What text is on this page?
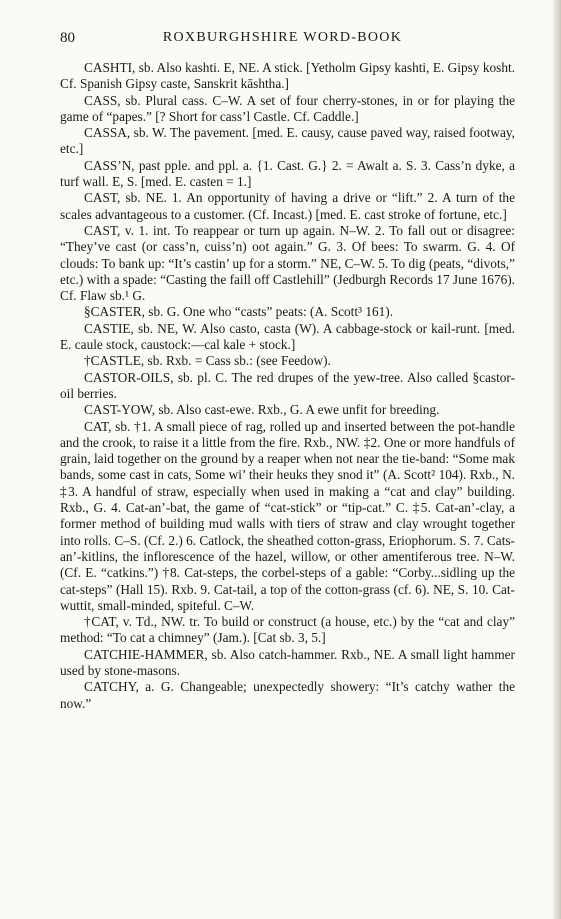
80	ROXBURGHSHIRE WORD-BOOK

CASHTI, sb. Also kashti. E, NE. A stick. [Yetholm Gipsy kashti, E. Gipsy kosht. Cf. Spanish Gipsy caste, Sanskrit kāshtha.]

CASS, sb. Plural cass. C–W. A set of four cherry-stones, in or for playing the game of “papes.” [? Short for cass’l Castle. Cf. Caddle.]

CASSA, sb. W. The pavement. [med. E. causy, cause paved way, raised footway, etc.]

CASS’N, past pple. and ppl. a. {1. Cast. G.} 2. = Awalt a. S. 3. Cass’n dyke, a turf wall. E, S. [med. E. casten = 1.]

CAST, sb. NE. 1. An opportunity of having a drive or “lift.” 2. A turn of the scales advantageous to a customer. (Cf. Incast.) [med. E. cast stroke of fortune, etc.]

CAST, v. 1. int. To reappear or turn up again. N–W. 2. To fall out or disagree: “They’ve cast (or cass’n, cuiss’n) oot again.” G. 3. Of bees: To swarm. G. 4. Of clouds: To bank up: “It’s castin’ up for a storm.” NE, C–W. 5. To dig (peats, “divots,” etc.) with a spade: “Casting the faill off Castlehill” (Jedburgh Records 17 June 1676). Cf. Flaw sb.¹ G.

§CASTER, sb. G. One who “casts” peats: (A. Scott³ 161).

CASTIE, sb. NE, W. Also casto, casta (W). A cabbage-stock or kail-runt. [med. E. caule stock, caustock:—cal kale + stock.]

†CASTLE, sb. Rxb. = Cass sb.: (see Feedow).

CASTOR-OILS, sb. pl. C. The red drupes of the yew-tree. Also called §castor-oil berries.

CAST-YOW, sb. Also cast-ewe. Rxb., G. A ewe unfit for breeding.

CAT, sb. †1. A small piece of rag, rolled up and inserted between the pot-handle and the crook, to raise it a little from the fire. Rxb., NW. ‡2. One or more handfuls of grain, laid together on the ground by a reaper when not near the tie-band: “Some mak bands, some cast in cats, Some wi’ their heuks they snod it” (A. Scott² 104). Rxb., N. ‡3. A handful of straw, especially when used in making a “cat and clay” building. Rxb., G. 4. Cat-an’-bat, the game of “cat-stick” or “tip-cat.” C. ‡5. Cat-an’-clay, a former method of building mud walls with tiers of straw and clay wrought together into rolls. C–S. (Cf. 2.) 6. Catlock, the sheathed cotton-grass, Eriophorum. S. 7. Cats-an’-kitlins, the inflorescence of the hazel, willow, or other amentiferous tree. N–W. (Cf. E. “catkins.”) †8. Cat-steps, the corbel-steps of a gable: “Corby...sidling up the cat-steps” (Hall 15). Rxb. 9. Cat-tail, a top of the cotton-grass (cf. 6). NE, S. 10. Cat-wuttit, small-minded, spiteful. C–W.

†CAT, v. Td., NW. tr. To build or construct (a house, etc.) by the “cat and clay” method: “To cat a chimney” (Jam.). [Cat sb. 3, 5.]

CATCHIE-HAMMER, sb. Also catch-hammer. Rxb., NE. A small light hammer used by stone-masons.

CATCHY, a. G. Changeable; unexpectedly showery: “It’s catchy wather the now.”
